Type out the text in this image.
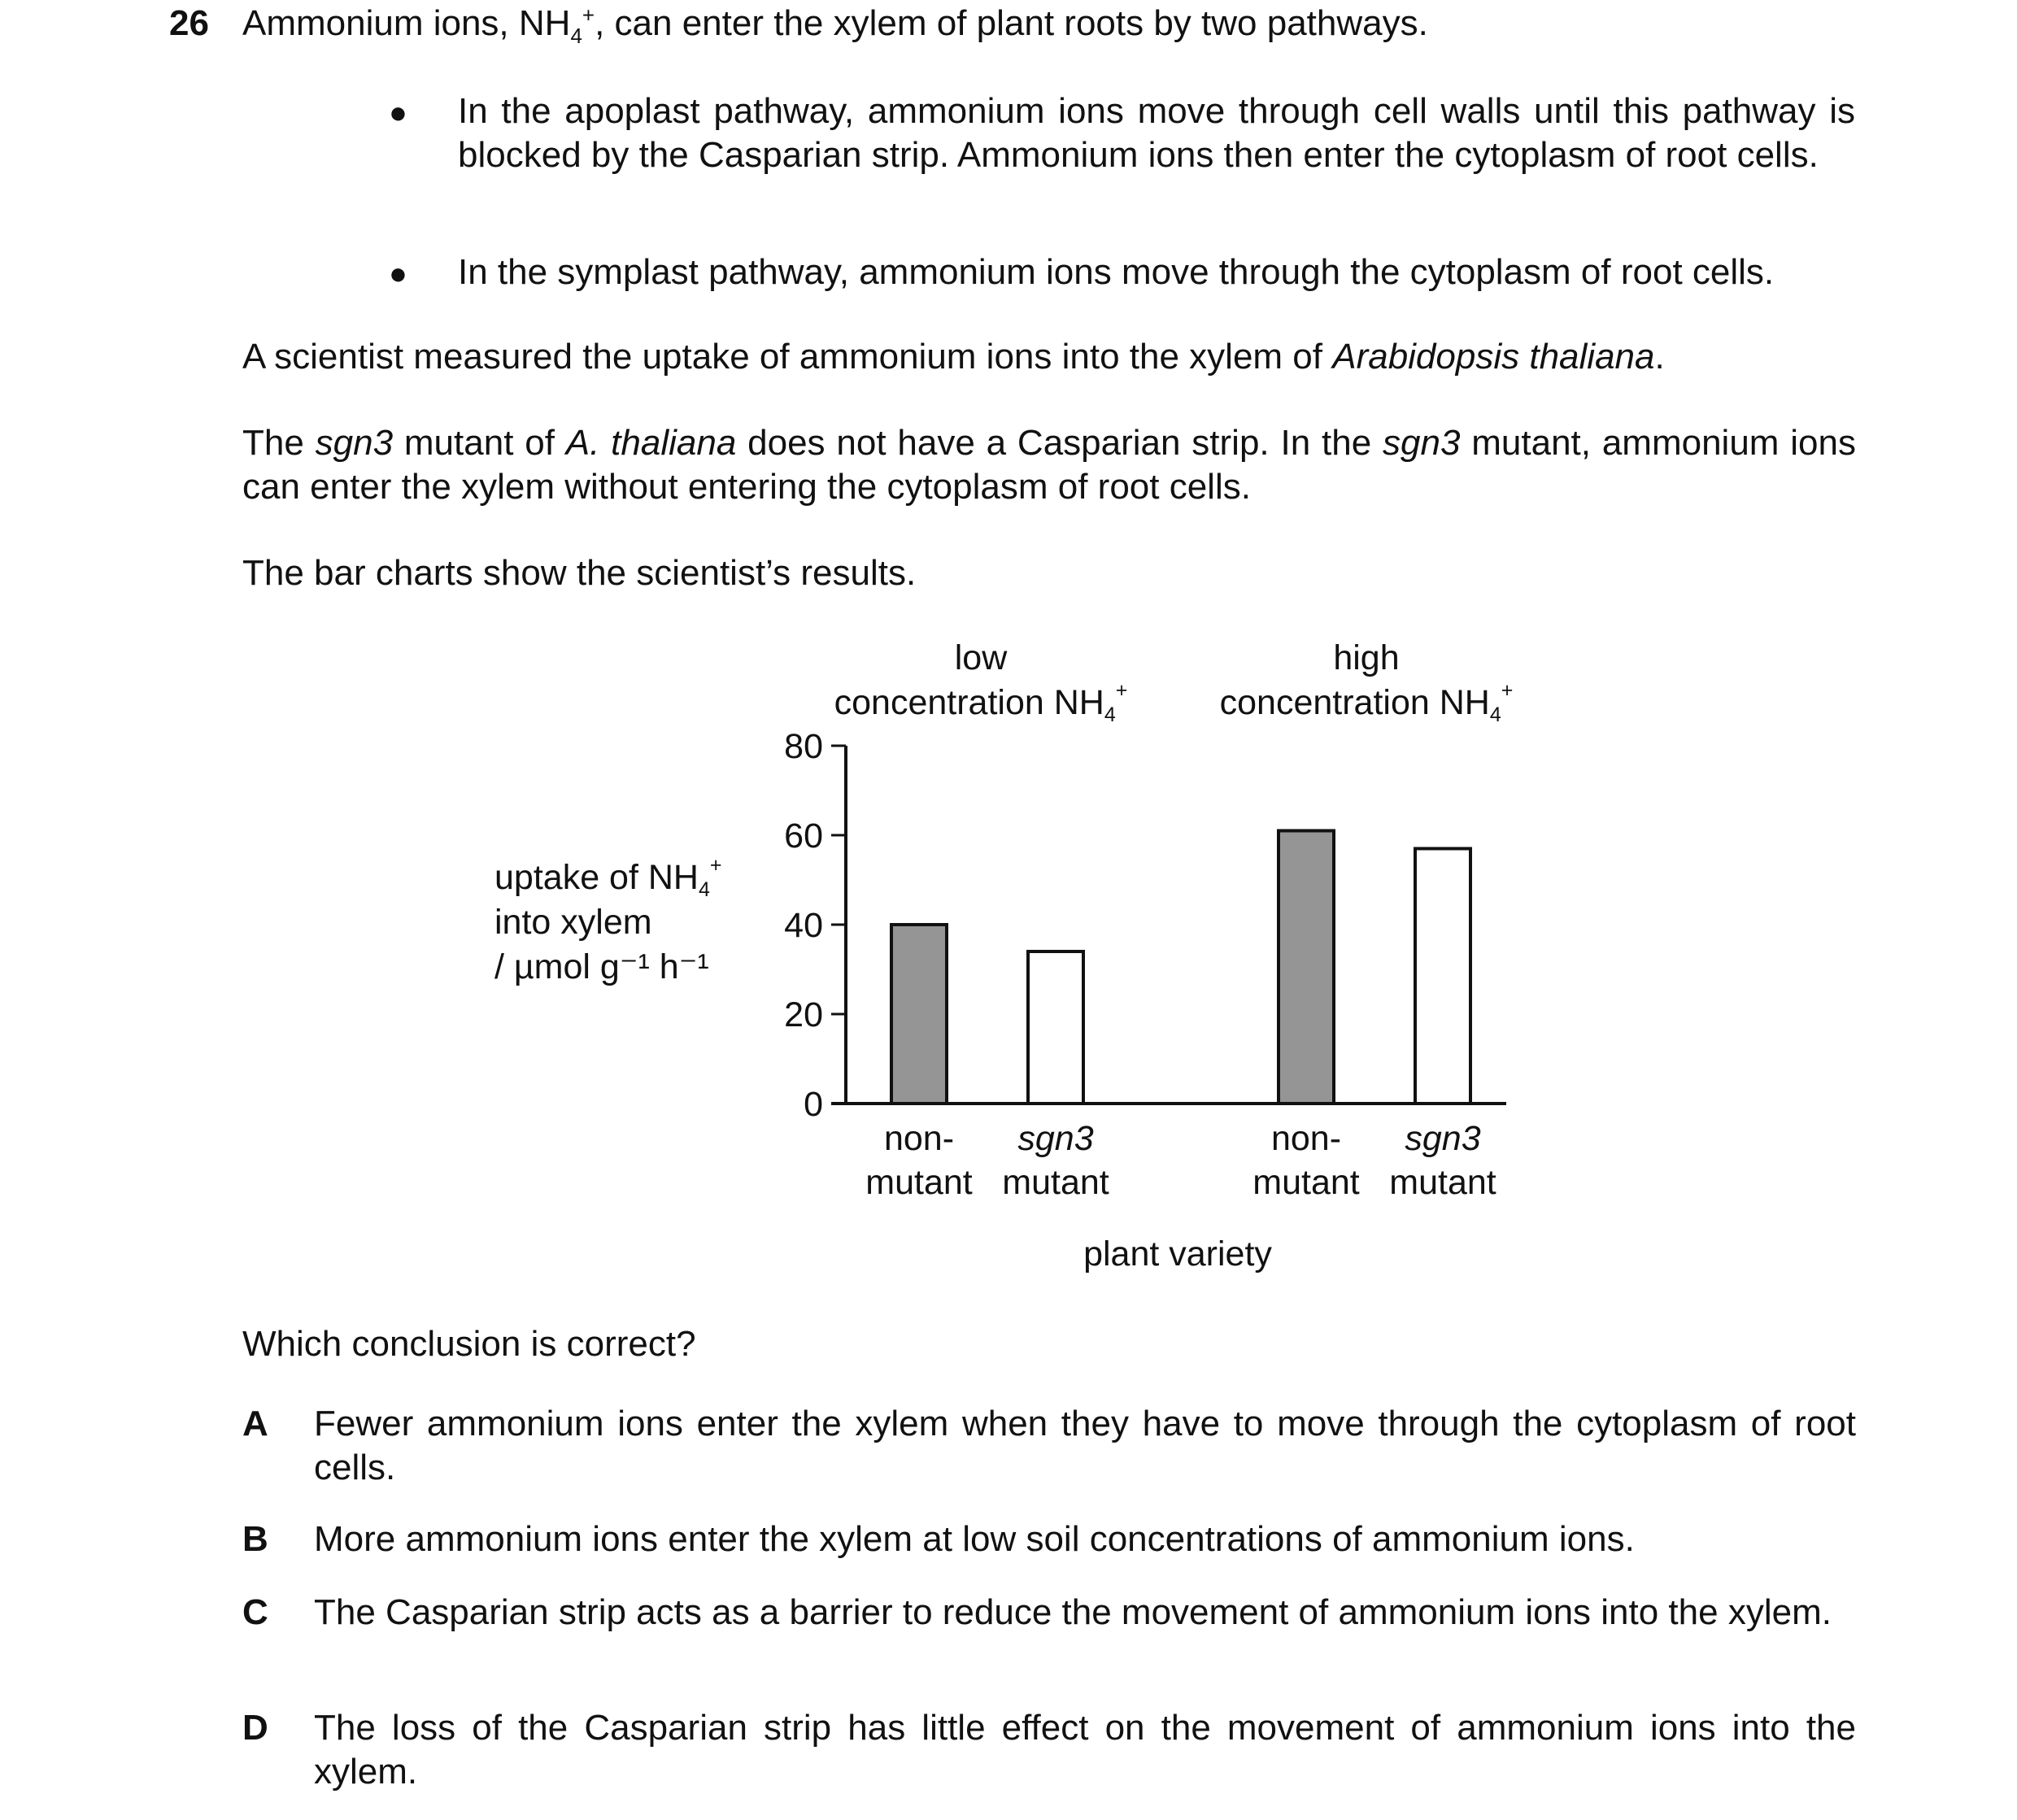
26 Ammonium ions, $NH_4^+$, can enter the xylem of plant roots by two pathways.
● In the apoplast pathway, ammonium ions move through cell walls until this pathway is blocked by the Casparian strip. Ammonium ions then enter the cytoplasm of root cells.
● In the symplast pathway, ammonium ions move through the cytoplasm of root cells.
A scientist measured the uptake of ammonium ions into the xylem of Arabidopsis thaliana.
The sgn3 mutant of A. thaliana does not have a Casparian strip. In the sgn3 mutant, ammonium ions can enter the xylem without entering the cytoplasm of root cells.
The bar charts show the scientist’s results.
low
concentration $NH_4^+$
high
concentration $NH_4^+$
uptake of $NH_4^+$
into xylem
/ µmol g⁻¹ h⁻¹
0
20
40
60
80
non-
mutant
sgn3
mutant
non-
mutant
sgn3
mutant
plant variety
Which conclusion is correct?
A Fewer ammonium ions enter the xylem when they have to move through the cytoplasm of root cells.
B More ammonium ions enter the xylem at low soil concentrations of ammonium ions.
C The Casparian strip acts as a barrier to reduce the movement of ammonium ions into the xylem.
D The loss of the Casparian strip has little effect on the movement of ammonium ions into the xylem.
